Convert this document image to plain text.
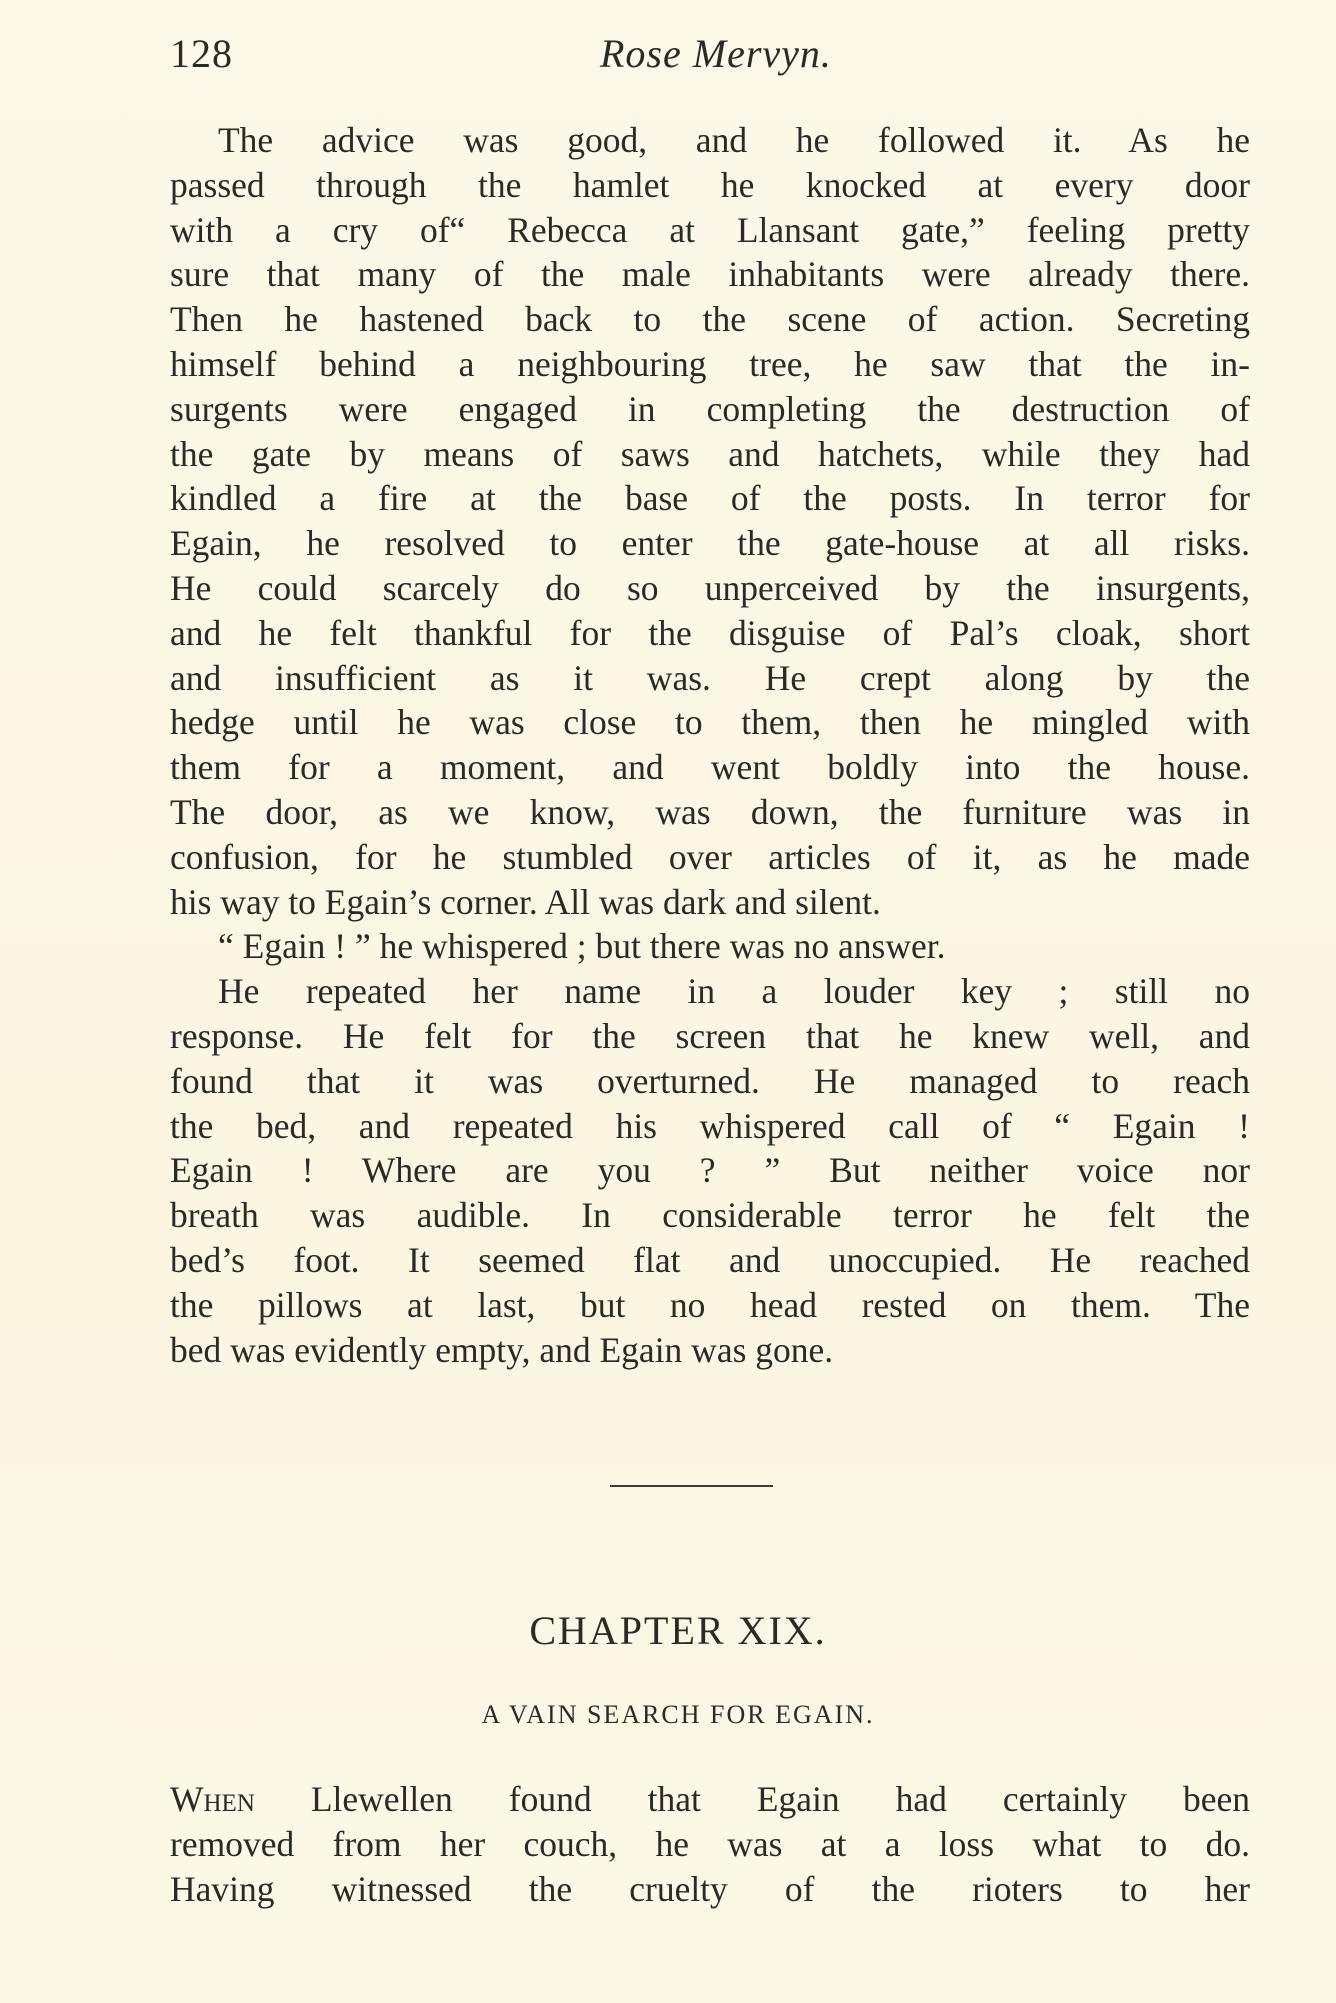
128	Rose Mervyn.
The advice was good, and he followed it. As he
passed through the hamlet he knocked at every door
with a cry of“ Rebecca at Llansant gate,” feeling pretty
sure that many of the male inhabitants were already there.
Then he hastened back to the scene of action. Secreting
himself behind a neighbouring tree, he saw that the in-
surgents were engaged in completing the destruction of
the gate by means of saws and hatchets, while they had
kindled a fire at the base of the posts. In terror for
Egain, he resolved to enter the gate-house at all risks.
He could scarcely do so unperceived by the insurgents,
and he felt thankful for the disguise of Pal’s cloak, short
and insufficient as it was. He crept along by the
hedge until he was close to them, then he mingled with
them for a moment, and went boldly into the house.
The door, as we know, was down, the furniture was in
confusion, for he stumbled over articles of it, as he made
his way to Egain’s corner. All was dark and silent.
“ Egain ! ” he whispered ; but there was no answer.
He repeated her name in a louder key ; still no
response. He felt for the screen that he knew well, and
found that it was overturned. He managed to reach
the bed, and repeated his whispered call of “ Egain !
Egain ! Where are you ? ” But neither voice nor
breath was audible. In considerable terror he felt the
bed’s foot. It seemed flat and unoccupied. He reached
the pillows at last, but no head rested on them. The
bed was evidently empty, and Egain was gone.
CHAPTER XIX.
A VAIN SEARCH FOR EGAIN.
When Llewellen found that Egain had certainly been
removed from her couch, he was at a loss what to do.
Having witnessed the cruelty of the rioters to her
